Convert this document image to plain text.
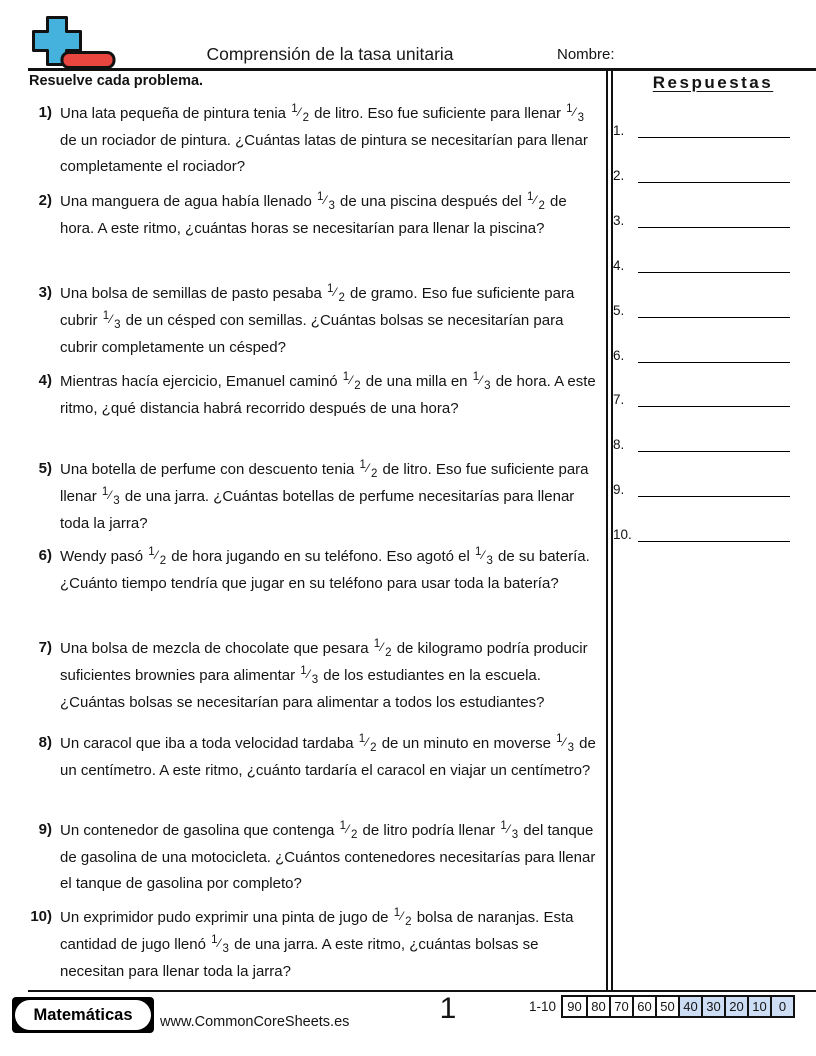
Comprensión de la tasa unitaria	Nombre:
Resuelve cada problema.
1) Una lata pequeña de pintura tenia $^1$⁄ 2 de litro. Eso fue suficiente para llenar $^1$⁄ 3 de un rociador de pintura. ¿Cuántas latas de pintura se necesitarían para llenar completamente el rociador?
2) Una manguera de agua había llenado $^1$⁄ 3 de una piscina después del $^1$⁄ 2 de hora. A este ritmo, ¿cuántas horas se necesitarían para llenar la piscina?
3) Una bolsa de semillas de pasto pesaba $^1$⁄ 2 de gramo. Eso fue suficiente para cubrir $^1$⁄ 3 de un césped con semillas. ¿Cuántas bolsas se necesitarían para cubrir completamente un césped?
4) Mientras hacía ejercicio, Emanuel caminó $^1$⁄ 2 de una milla en $^1$⁄ 3 de hora. A este ritmo, ¿qué distancia habrá recorrido después de una hora?
5) Una botella de perfume con descuento tenia $^1$⁄ 2 de litro. Eso fue suficiente para llenar $^1$⁄ 3 de una jarra. ¿Cuántas botellas de perfume necesitarías para llenar toda la jarra?
6) Wendy pasó $^1$⁄ 2 de hora jugando en su teléfono. Eso agotó el $^1$⁄ 3 de su batería. ¿Cuánto tiempo tendría que jugar en su teléfono para usar toda la batería?
7) Una bolsa de mezcla de chocolate que pesara $^1$⁄ 2 de kilogramo podría producir suficientes brownies para alimentar $^1$⁄ 3 de los estudiantes en la escuela. ¿Cuántas bolsas se necesitarían para alimentar a todos los estudiantes?
8) Un caracol que iba a toda velocidad tardaba $^1$⁄ 2 de un minuto en moverse $^1$⁄ 3 de un centímetro. A este ritmo, ¿cuánto tardaría el caracol en viajar un centímetro?
9) Un contenedor de gasolina que contenga $^1$⁄ 2 de litro podría llenar $^1$⁄ 3 del tanque de gasolina de una motocicleta. ¿Cuántos contenedores necesitarías para llenar el tanque de gasolina por completo?
10) Un exprimidor pudo exprimir una pinta de jugo de $^1$⁄ 2 bolsa de naranjas. Esta cantidad de jugo llenó $^1$⁄ 3 de una jarra. A este ritmo, ¿cuántas bolsas se necesitan para llenar toda la jarra?
Respuestas
1.
2.
3.
4.
5.
6.
7.
8.
9.
10.
Matemáticas	www.CommonCoreSheets.es	1	1-10 90 80 70 60 50 40 30 20 10 0
